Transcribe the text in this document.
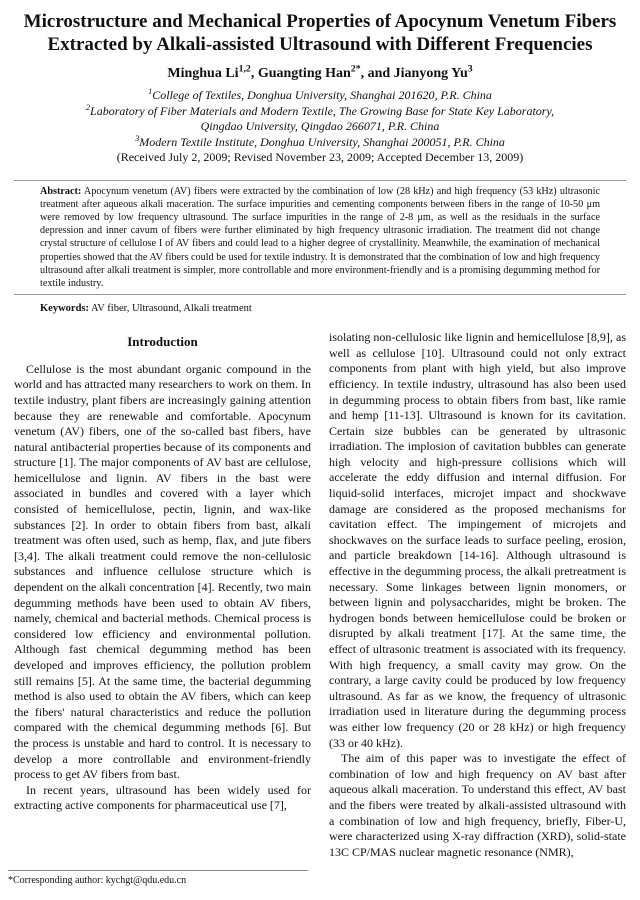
Microstructure and Mechanical Properties of Apocynum Venetum Fibers
Extracted by Alkali-assisted Ultrasound with Different Frequencies
Minghua Li$^{1,2}$, Guangting Han$^{2*}$, and Jianyong Yu$^3$
$^1$College of Textiles, Donghua University, Shanghai 201620, P.R. China
$^2$Laboratory of Fiber Materials and Modern Textile, The Growing Base for State Key Laboratory,
Qingdao University, Qingdao 266071, P.R. China
$^3$Modern Textile Institute, Donghua University, Shanghai 200051, P.R. China
(Received July 2, 2009; Revised November 23, 2009; Accepted December 13, 2009)
Abstract: Apocynum venetum (AV) fibers were extracted by the combination of low (28 kHz) and high frequency (53 kHz) ultrasonic treatment after aqueous alkali maceration. The surface impurities and cementing components between fibers in the range of 10-50 μm were removed by low frequency ultrasound. The surface impurities in the range of 2-8 μm, as well as the residuals in the surface depression and inner cavum of fibers were further eliminated by high frequency ultrasonic irradiation. The treatment did not change crystal structure of cellulose I of AV fibers and could lead to a higher degree of crystallinity. Meanwhile, the examination of mechanical properties showed that the AV fibers could be used for textile industry. It is demonstrated that the combination of low and high frequency ultrasound after alkali treatment is simpler, more controllable and more environment-friendly and is a promising degumming method for textile industry.
Keywords: AV fiber, Ultrasound, Alkali treatment
Introduction

Cellulose is the most abundant organic compound in the world and has attracted many researchers to work on them. In textile industry, plant fibers are increasingly gaining attention because they are renewable and comfortable. Apocynum venetum (AV) fibers, one of the so-called bast fibers, have natural antibacterial properties because of its components and structure [1]. The major components of AV bast are cellulose, hemicellulose and lignin. AV fibers in the bast were associated in bundles and covered with a layer which consisted of hemicellulose, pectin, lignin, and wax-like substances [2]. In order to obtain fibers from bast, alkali treatment was often used, such as hemp, flax, and jute fibers [3,4]. The alkali treatment could remove the non-cellulosic substances and influence cellulose structure which is dependent on the alkali concentration [4]. Recently, two main degumming methods have been used to obtain AV fibers, namely, chemical and bacterial methods. Chemical process is considered low efficiency and environmental pollution. Although fast chemical degumming method has been developed and improves efficiency, the pollution problem still remains [5]. At the same time, the bacterial degumming method is also used to obtain the AV fibers, which can keep the fibers' natural characteristics and reduce the pollution compared with the chemical degumming methods [6]. But the process is unstable and hard to control. It is necessary to develop a more controllable and environment-friendly process to get AV fibers from bast.

In recent years, ultrasound has been widely used for extracting active components for pharmaceutical use [7],

isolating non-cellulosic like lignin and hemicellulose [8,9], as well as cellulose [10]. Ultrasound could not only extract components from plant with high yield, but also improve efficiency. In textile industry, ultrasound has also been used in degumming process to obtain fibers from bast, like ramie and hemp [11-13]. Ultrasound is known for its cavitation. Certain size bubbles can be generated by ultrasonic irradiation. The implosion of cavitation bubbles can generate high velocity and high-pressure collisions which will accelerate the eddy diffusion and internal diffusion. For liquid-solid interfaces, microjet impact and shockwave damage are considered as the proposed mechanisms for cavitation effect. The impingement of microjets and shockwaves on the surface leads to surface peeling, erosion, and particle breakdown [14-16]. Although ultrasound is effective in the degumming process, the alkali pretreatment is necessary. Some linkages between lignin monomers, or between lignin and polysaccharides, might be broken. The hydrogen bonds between hemicellulose could be broken or disrupted by alkali treatment [17]. At the same time, the effect of ultrasonic treatment is associated with its frequency. With high frequency, a small cavity may grow. On the contrary, a large cavity could be produced by low frequency ultrasound. As far as we know, the frequency of ultrasonic irradiation used in literature during the degumming process was either low frequency (20 or 28 kHz) or high frequency (33 or 40 kHz).

The aim of this paper was to investigate the effect of combination of low and high frequency on AV bast after aqueous alkali maceration. To understand this effect, AV bast and the fibers were treated by alkali-assisted ultrasound with a combination of low and high frequency, briefly, Fiber-U, were characterized using X-ray diffraction (XRD), solid-state 13C CP/MAS nuclear magnetic resonance (NMR),

*Corresponding author: kychgt@qdu.edu.cn
